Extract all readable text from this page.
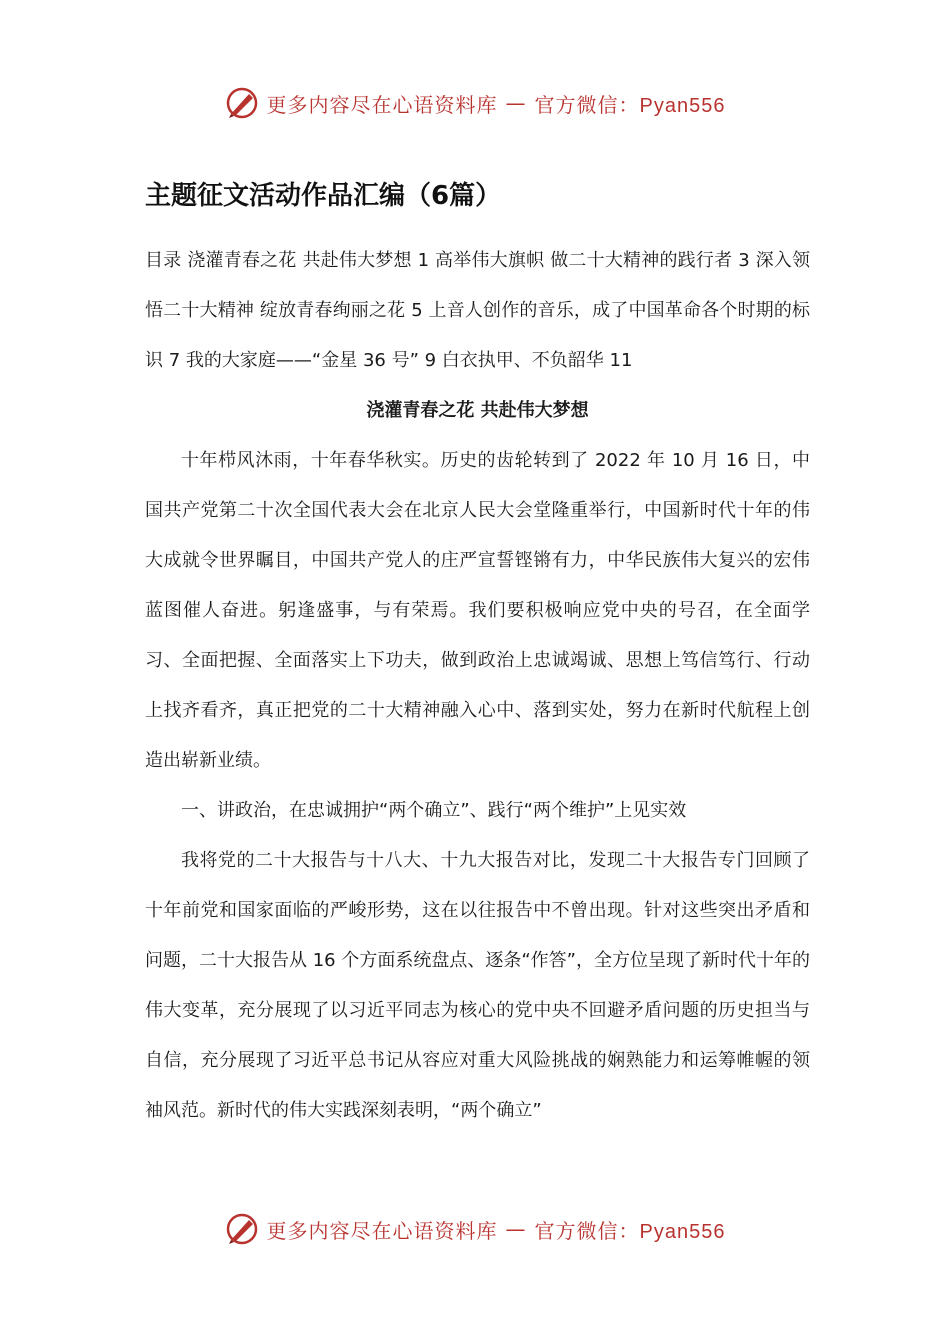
更多内容尽在心语资料库 — 官方微信：Pyan556
主题征文活动作品汇编（6篇）

目录 浇灌青春之花 共赴伟大梦想 1 高举伟大旗帜 做二十大精神的践行者 3 深入领悟二十大精神 绽放青春绚丽之花 5 上音人创作的音乐，成了中国革命各个时期的标识 7 我的大家庭——“金星 36 号” 9 白衣执甲、不负韶华 11

浇灌青春之花 共赴伟大梦想

十年栉风沐雨，十年春华秋实。历史的齿轮转到了 2022 年 10 月 16 日，中国共产党第二十次全国代表大会在北京人民大会堂隆重举行，中国新时代十年的伟大成就令世界瞩目，中国共产党人的庄严宣誓铿锵有力，中华民族伟大复兴的宏伟蓝图催人奋进。躬逢盛事，与有荣焉。我们要积极响应党中央的号召，在全面学习、全面把握、全面落实上下功夫，做到政治上忠诚竭诚、思想上笃信笃行、行动上找齐看齐，真正把党的二十大精神融入心中、落到实处，努力在新时代航程上创造出崭新业绩。

一、讲政治，在忠诚拥护“两个确立”、践行“两个维护”上见实效

我将党的二十大报告与十八大、十九大报告对比，发现二十大报告专门回顾了十年前党和国家面临的严峻形势，这在以往报告中不曾出现。针对这些突出矛盾和问题，二十大报告从 16 个方面系统盘点、逐条“作答”，全方位呈现了新时代十年的伟大变革，充分展现了以习近平同志为核心的党中央不回避矛盾问题的历史担当与自信，充分展现了习近平总书记从容应对重大风险挑战的娴熟能力和运筹帷幄的领袖风范。新时代的伟大实践深刻表明，“两个确立”

更多内容尽在心语资料库 — 官方微信：Pyan556
